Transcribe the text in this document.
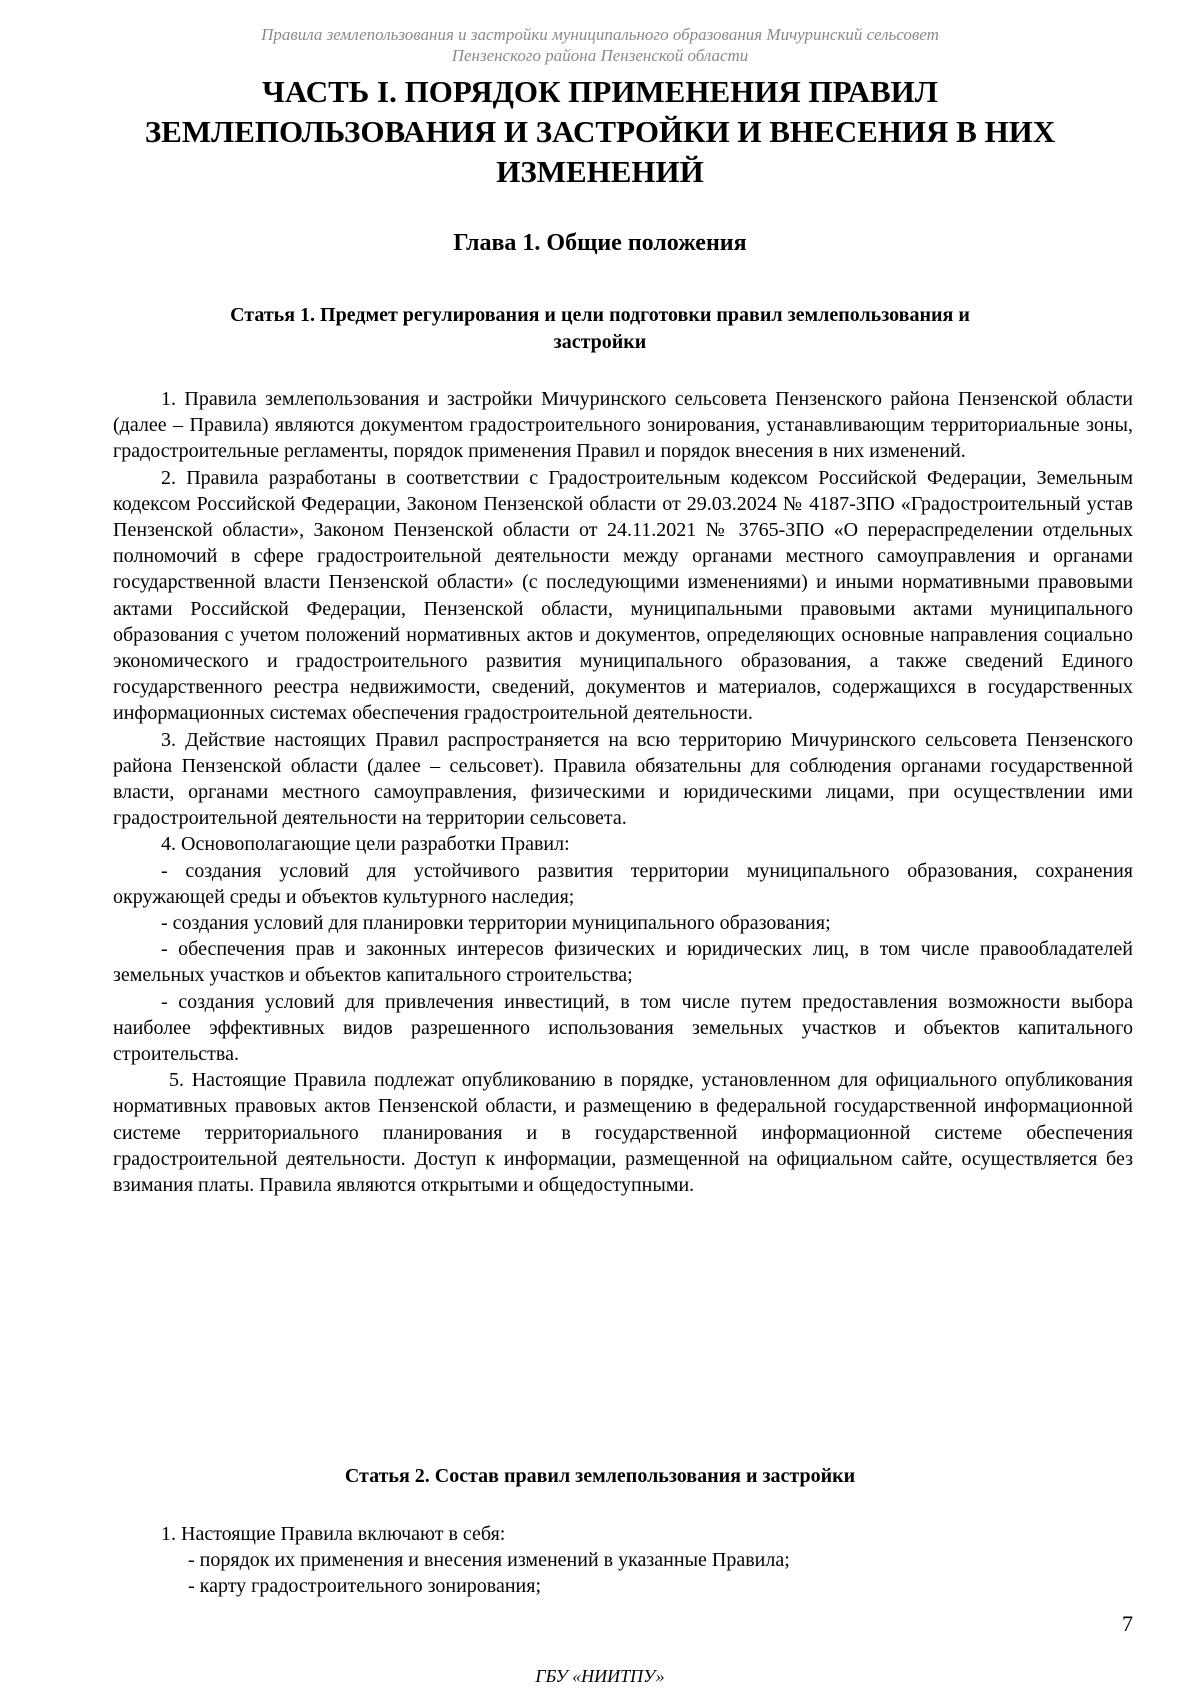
Правила землепользования и застройки муниципального образования Мичуринский сельсовет
Пензенского района Пензенской области
ЧАСТЬ I. ПОРЯДОК ПРИМЕНЕНИЯ ПРАВИЛ
ЗЕМЛЕПОЛЬЗОВАНИЯ И ЗАСТРОЙКИ И ВНЕСЕНИЯ В НИХ
ИЗМЕНЕНИЙ
Глава 1. Общие положения
Статья 1. Предмет регулирования и цели подготовки правил землепользования и
застройки

1. Правила землепользования и застройки Мичуринского сельсовета Пензенского района Пензенской области (далее – Правила) являются документом градостроительного зонирования, устанавливающим территориальные зоны, градостроительные регламенты, порядок применения Правил и порядок внесения в них изменений.

2. Правила разработаны в соответствии с Градостроительным кодексом Российской Федерации, Земельным кодексом Российской Федерации, Законом Пензенской области от 29.03.2024 № 4187-ЗПО «Градостроительный устав Пензенской области», Законом Пензенской области от 24.11.2021 № 3765-ЗПО «О перераспределении отдельных полномочий в сфере градостроительной деятельности между органами местного самоуправления и органами государственной власти Пензенской области» (с последующими изменениями) и иными нормативными правовыми актами Российской Федерации, Пензенской области, муниципальными правовыми актами муниципального образования с учетом положений нормативных актов и документов, определяющих основные направления социально экономического и градостроительного развития муниципального образования, а также сведений Единого государственного реестра недвижимости, сведений, документов и материалов, содержащихся в государственных информационных системах обеспечения градостроительной деятельности.

3. Действие настоящих Правил распространяется на всю территорию Мичуринского сельсовета Пензенского района Пензенской области (далее – сельсовет). Правила обязательны для соблюдения органами государственной власти, органами местного самоуправления, физическими и юридическими лицами, при осуществлении ими градостроительной деятельности на территории сельсовета.

4. Основополагающие цели разработки Правил:

- создания условий для устойчивого развития территории муниципального образования, сохранения окружающей среды и объектов культурного наследия;

- создания условий для планировки территории муниципального образования;

- обеспечения прав и законных интересов физических и юридических лиц, в том числе правообладателей земельных участков и объектов капитального строительства;

- создания условий для привлечения инвестиций, в том числе путем предоставления возможности выбора наиболее эффективных видов разрешенного использования земельных участков и объектов капитального строительства.

5. Настоящие Правила подлежат опубликованию в порядке, установленном для официального опубликования нормативных правовых актов Пензенской области, и размещению в федеральной государственной информационной системе территориального планирования и в государственной информационной системе обеспечения градостроительной деятельности. Доступ к информации, размещенной на официальном сайте, осуществляется без взимания платы. Правила являются открытыми и общедоступными.

Статья 2. Состав правил землепользования и застройки

1. Настоящие Правила включают в себя:

- порядок их применения и внесения изменений в указанные Правила;

- карту градостроительного зонирования;

7
ГБУ «НИИТПУ»
